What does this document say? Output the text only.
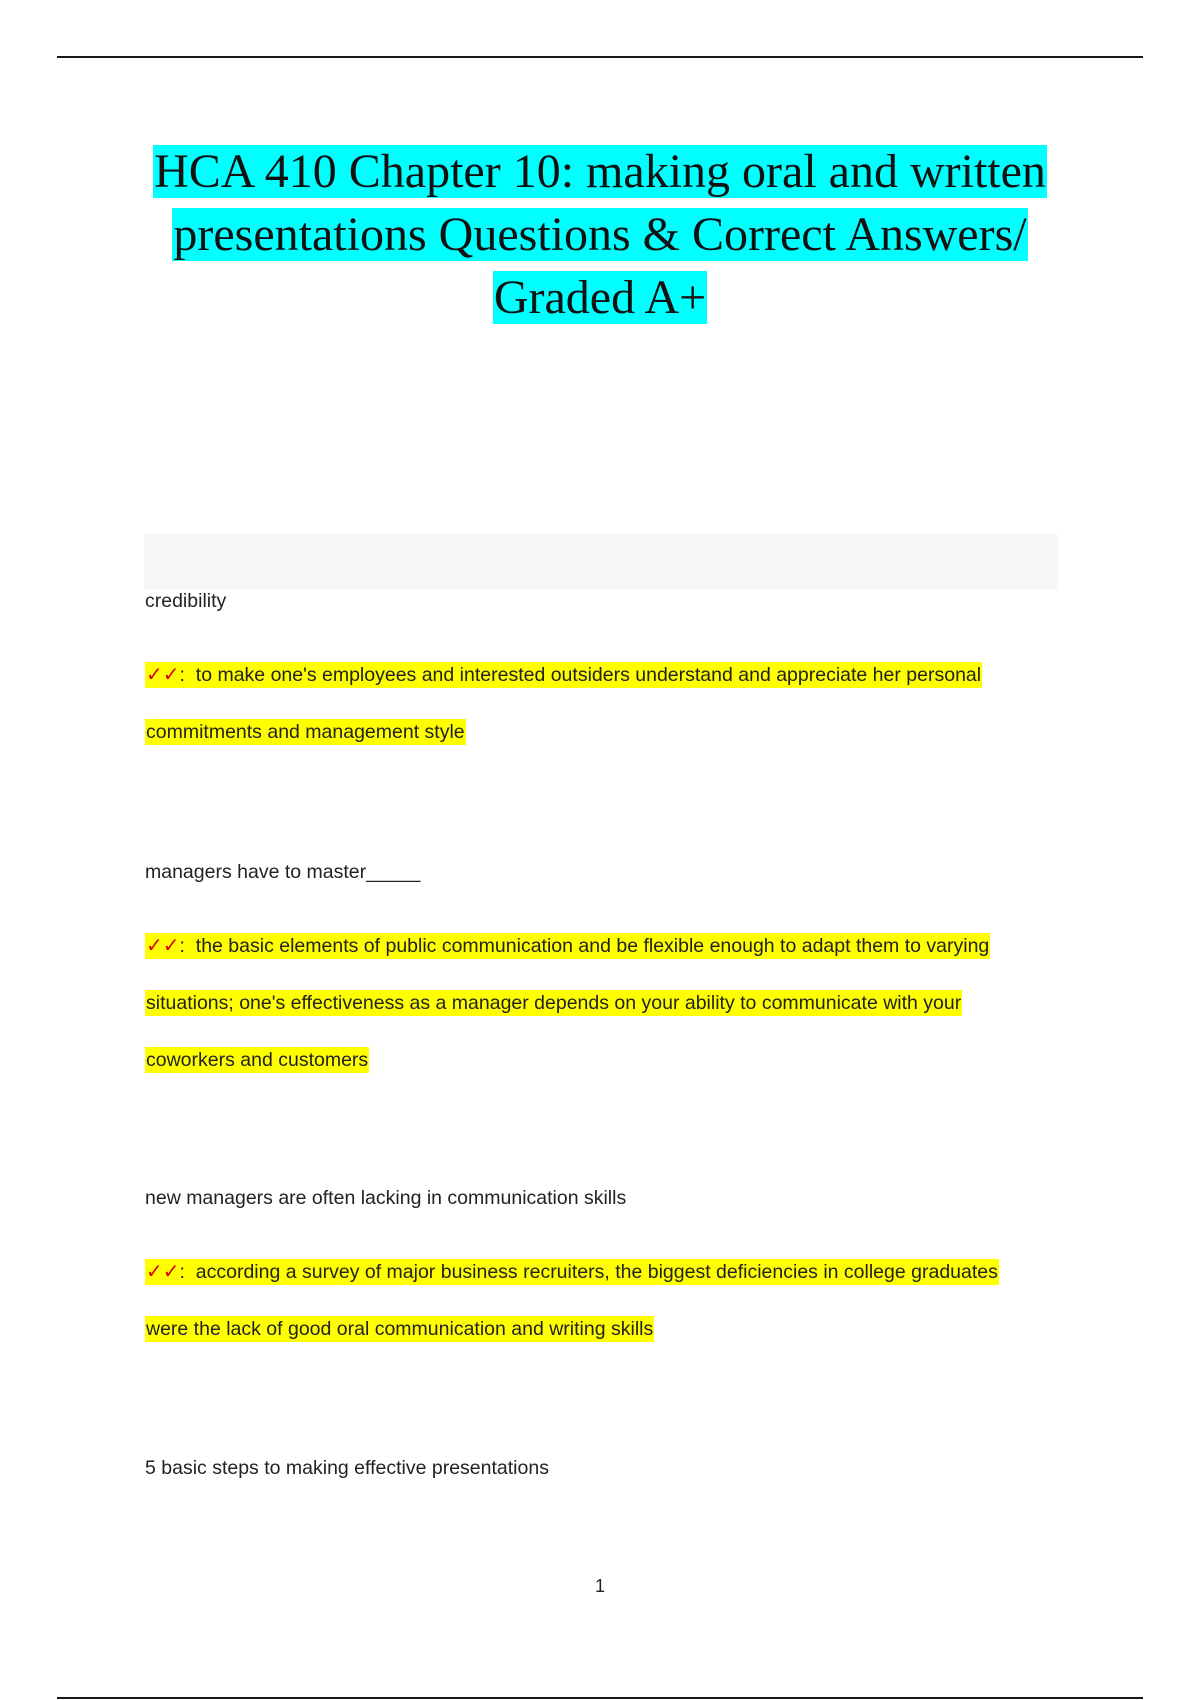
HCA 410 Chapter 10: making oral and written presentations Questions & Correct Answers/ Graded A+
credibility
✓✓: to make one's employees and interested outsiders understand and appreciate her personal commitments and management style
managers have to master_____
✓✓: the basic elements of public communication and be flexible enough to adapt them to varying situations; one's effectiveness as a manager depends on your ability to communicate with your coworkers and customers
new managers are often lacking in communication skills
✓✓: according a survey of major business recruiters, the biggest deficiencies in college graduates were the lack of good oral communication and writing skills
5 basic steps to making effective presentations
1
